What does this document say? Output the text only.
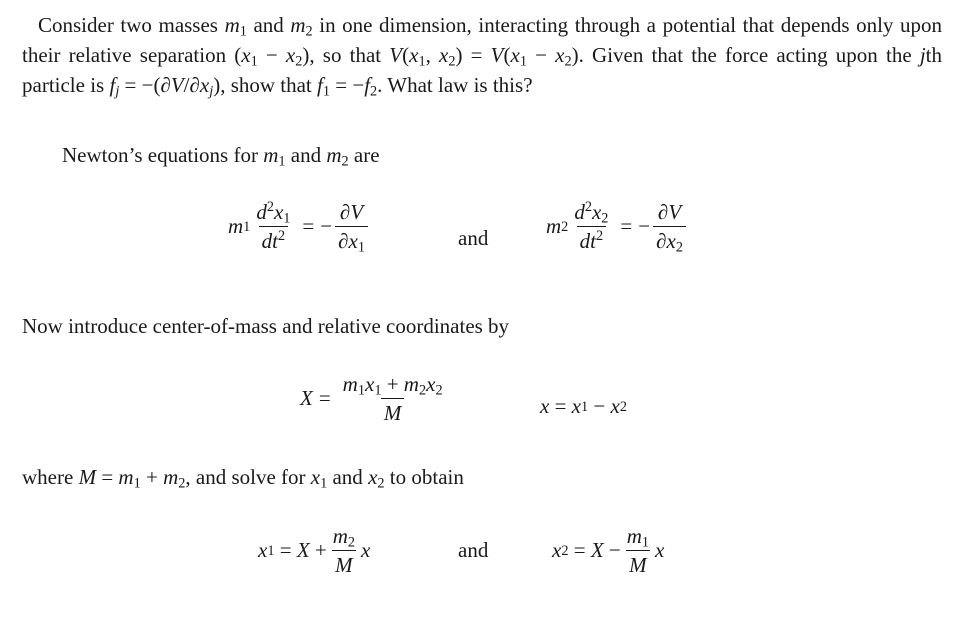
Consider two masses $m_1$ and $m_2$ in one dimension, interacting through a potential that depends only upon their relative separation $(x_1 - x_2)$, so that $V(x_1$, $x_2) = V(x_1 - x_2)$. Given that the force acting upon the jth particle is $f_j = -(\partial V/\partial x_j)$, show that $f_1 = -f_2$. What law is this?

Newton’s equations for $m_1$ and $m_2$ are

m $1 \frac{d^2x_1}{dt^2}$ = − $\frac{\partial V}{\partial x_1}$	and	m $2 \frac{d^2x_2}{dt^2}$ = − $\frac{\partial V}{\partial x_2}$

Now introduce center-of-mass and relative coordinates by

$X = \frac{m_1x_1 + m_2x_2}{M}$	x = x 1 − x 2

where $M = m_1 + m_2$, and solve for $x_1$ and $x_2$ to obtain

x $1 = X + \frac{m_2}{M}$ x	and	x $2 = X - \frac{m_1}{M}$ x
